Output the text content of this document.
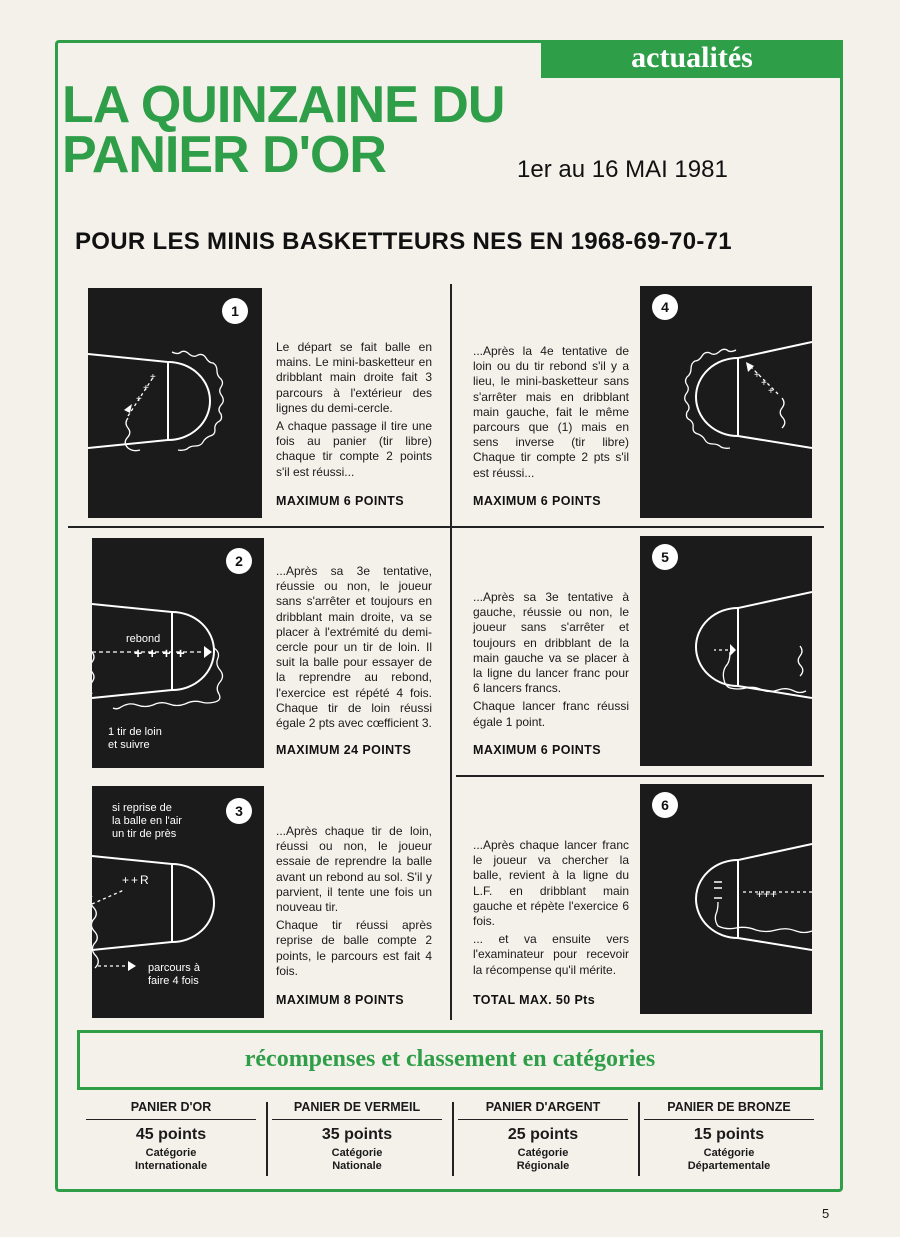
actualités
LA QUINZAINE DU
PANIER D'OR	1er au 16 MAI 1981
POUR LES MINIS BASKETTEURS NES EN 1968-69-70-71
+
+
+
1

Le départ se fait balle en mains. Le mini-basketteur en dribblant main droite fait 3 parcours à l'extérieur des lignes du demi-cercle.

A chaque passage il tire une fois au panier (tir libre) chaque tir compte 2 points s'il est réussi...

MAXIMUM 6 POINTS

...Après la 4e tentative de loin ou du tir rebond s'il y a lieu, le mini-basketteur sans s'arrêter mais en dribblant main gauche, fait le même parcours que (1) mais en sens inverse (tir libre) Chaque tir compte 2 pts s'il est réussi...

MAXIMUM 6 POINTS
+
+
+
4
2
rebond
++++
1 tir de loin
et suivre

...Après sa 3e tentative, réussie ou non, le joueur sans s'arrêter et toujours en dribblant main droite, va se placer à l'extrémité du demi-cercle pour un tir de loin. Il suit la balle pour essayer de la reprendre au rebond, l'exercice est répété 4 fois. Chaque tir de loin réussi égale 2 pts avec cœfficient 3.

MAXIMUM 24 POINTS

...Après sa 3e tentative à gauche, réussie ou non, le joueur sans s'arrêter et toujours en dribblant de la main gauche va se placer à la ligne du lancer franc pour 6 lancers francs.

Chaque lancer franc réussi égale 1 point.

MAXIMUM 6 POINTS
5
3
si reprise de
la balle en l'air
un tir de près
++R
parcours à
faire 4 fois

...Après chaque tir de loin, réussi ou non, le joueur essaie de reprendre la balle avant un rebond au sol. S'il y parvient, il tente une fois un nouveau tir.

Chaque tir réussi après reprise de balle compte 2 points, le parcours est fait 4 fois.

MAXIMUM 8 POINTS

...Après chaque lancer franc le joueur va chercher la balle, revient à la ligne du L.F. en dribblant main gauche et répète l'exercice 6 fois.

... et va ensuite vers l'examinateur pour recevoir la récompense qu'il mérite.

TOTAL MAX. 50 Pts
+++
6
récompenses et classement en catégories
PANIER D'OR
45 points
Catégorie
Internationale
PANIER DE VERMEIL
35 points
Catégorie
Nationale
PANIER D'ARGENT
25 points
Catégorie
Régionale
PANIER DE BRONZE
15 points
Catégorie
Départementale
5
